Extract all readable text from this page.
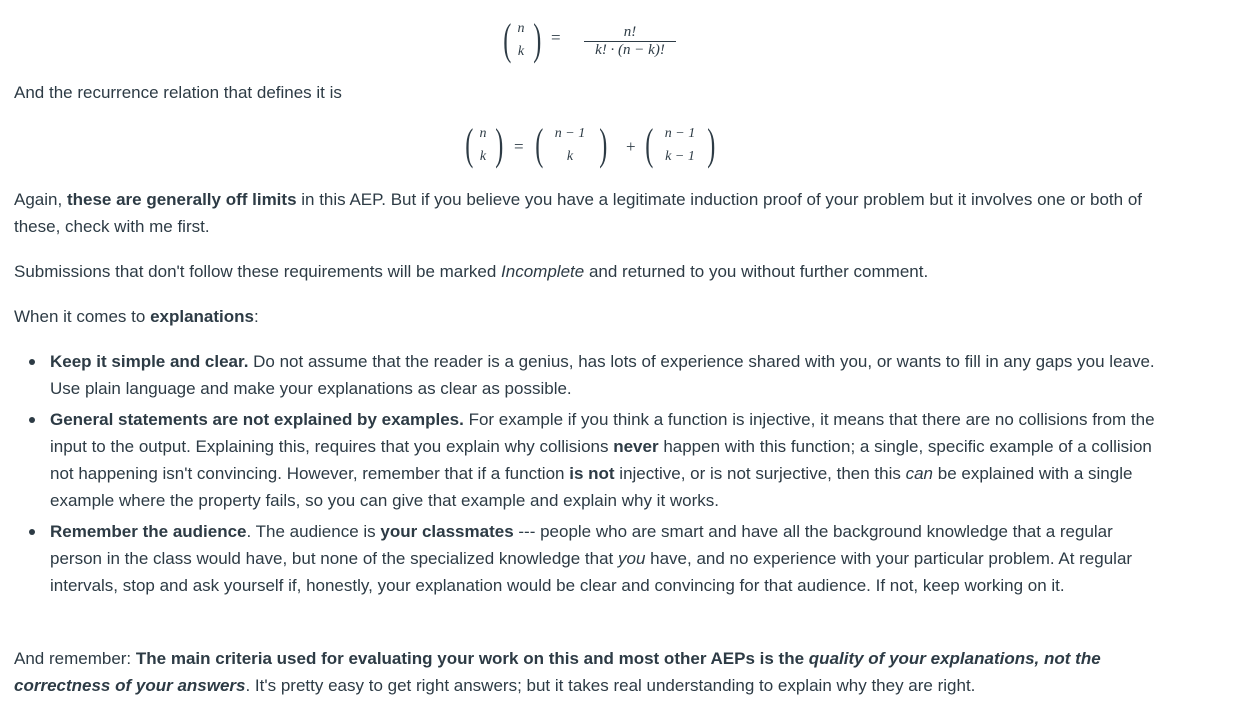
( n
k ) =	n!
k! · (n − k)!

And the recurrence relation that defines it is

( n
k ) = ( n − 1
k ) + ( n − 1
k − 1 )

Again, these are generally off limits in this AEP. But if you believe you have a legitimate induction proof of your problem but it involves one or both of these, check with me first.

Submissions that don't follow these requirements will be marked Incomplete and returned to you without further comment.

When it comes to explanations:

Keep it simple and clear. Do not assume that the reader is a genius, has lots of experience shared with you, or wants to fill in any gaps you leave. Use plain language and make your explanations as clear as possible.
General statements are not explained by examples. For example if you think a function is injective, it means that there are no collisions from the input to the output. Explaining this, requires that you explain why collisions never happen with this function; a single, specific example of a collision not happening isn't convincing. However, remember that if a function is not injective, or is not surjective, then this can be explained with a single example where the property fails, so you can give that example and explain why it works.
Remember the audience. The audience is your classmates --- people who are smart and have all the background knowledge that a regular person in the class would have, but none of the specialized knowledge that you have, and no experience with your particular problem. At regular intervals, stop and ask yourself if, honestly, your explanation would be clear and convincing for that audience. If not, keep working on it.

And remember: The main criteria used for evaluating your work on this and most other AEPs is the quality of your explanations, not the correctness of your answers. It's pretty easy to get right answers; but it takes real understanding to explain why they are right.
